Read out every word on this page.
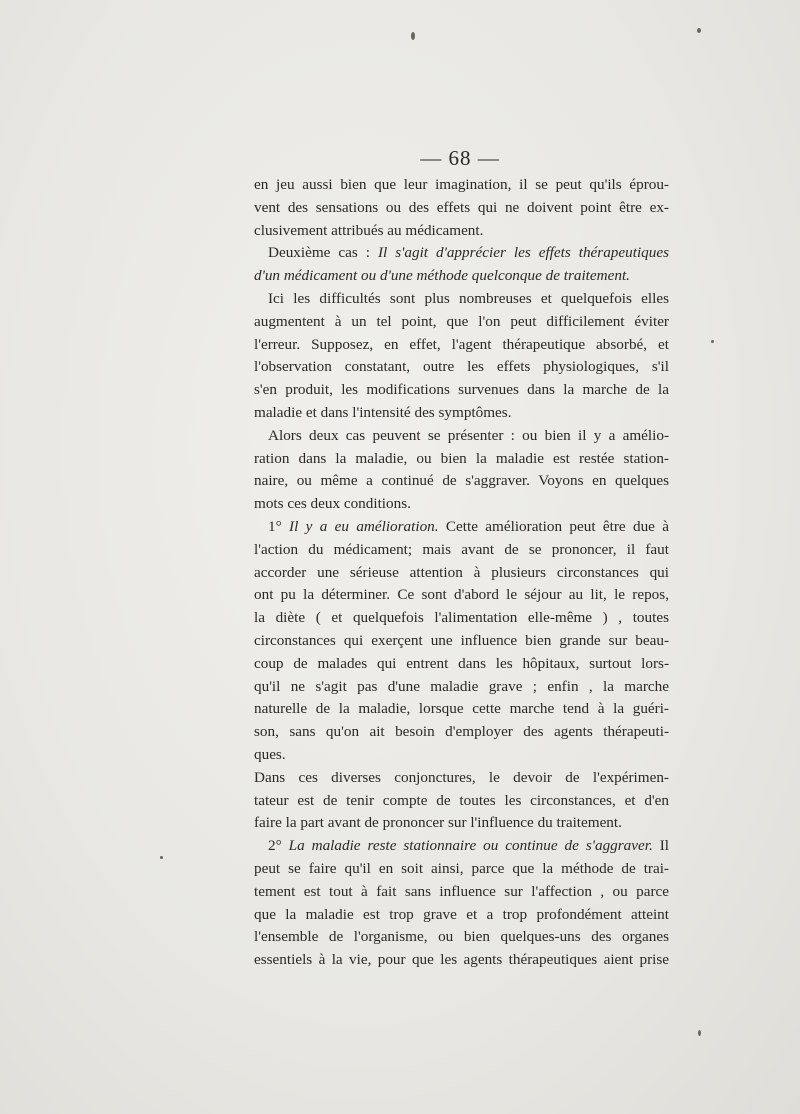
— 68 —
en jeu aussi bien que leur imagination, il se peut qu'ils éprou-
vent des sensations ou des effets qui ne doivent point être ex-
clusivement attribués au médicament.
Deuxième cas : Il s'agit d'apprécier les effets thérapeutiques
d'un médicament ou d'une méthode quelconque de traitement.
Ici les difficultés sont plus nombreuses et quelquefois elles
augmentent à un tel point, que l'on peut difficilement éviter
l'erreur. Supposez, en effet, l'agent thérapeutique absorbé, et
l'observation constatant, outre les effets physiologiques, s'il
s'en produit, les modifications survenues dans la marche de la
maladie et dans l'intensité des symptômes.
Alors deux cas peuvent se présenter : ou bien il y a amélio-
ration dans la maladie, ou bien la maladie est restée station-
naire, ou même a continué de s'aggraver. Voyons en quelques
mots ces deux conditions.
1° Il y a eu amélioration. Cette amélioration peut être due à
l'action du médicament; mais avant de se prononcer, il faut
accorder une sérieuse attention à plusieurs circonstances qui
ont pu la déterminer. Ce sont d'abord le séjour au lit, le repos,
la diète ( et quelquefois l'alimentation elle-même ) , toutes
circonstances qui exerçent une influence bien grande sur beau-
coup de malades qui entrent dans les hôpitaux, surtout lors-
qu'il ne s'agit pas d'une maladie grave ; enfin , la marche
naturelle de la maladie, lorsque cette marche tend à la guéri-
son, sans qu'on ait besoin d'employer des agents thérapeuti-
ques.
Dans ces diverses conjonctures, le devoir de l'expérimen-
tateur est de tenir compte de toutes les circonstances, et d'en
faire la part avant de prononcer sur l'influence du traitement.
2° La maladie reste stationnaire ou continue de s'aggraver. Il
peut se faire qu'il en soit ainsi, parce que la méthode de trai-
tement est tout à fait sans influence sur l'affection , ou parce
que la maladie est trop grave et a trop profondément atteint
l'ensemble de l'organisme, ou bien quelques-uns des organes
essentiels à la vie, pour que les agents thérapeutiques aient prise
